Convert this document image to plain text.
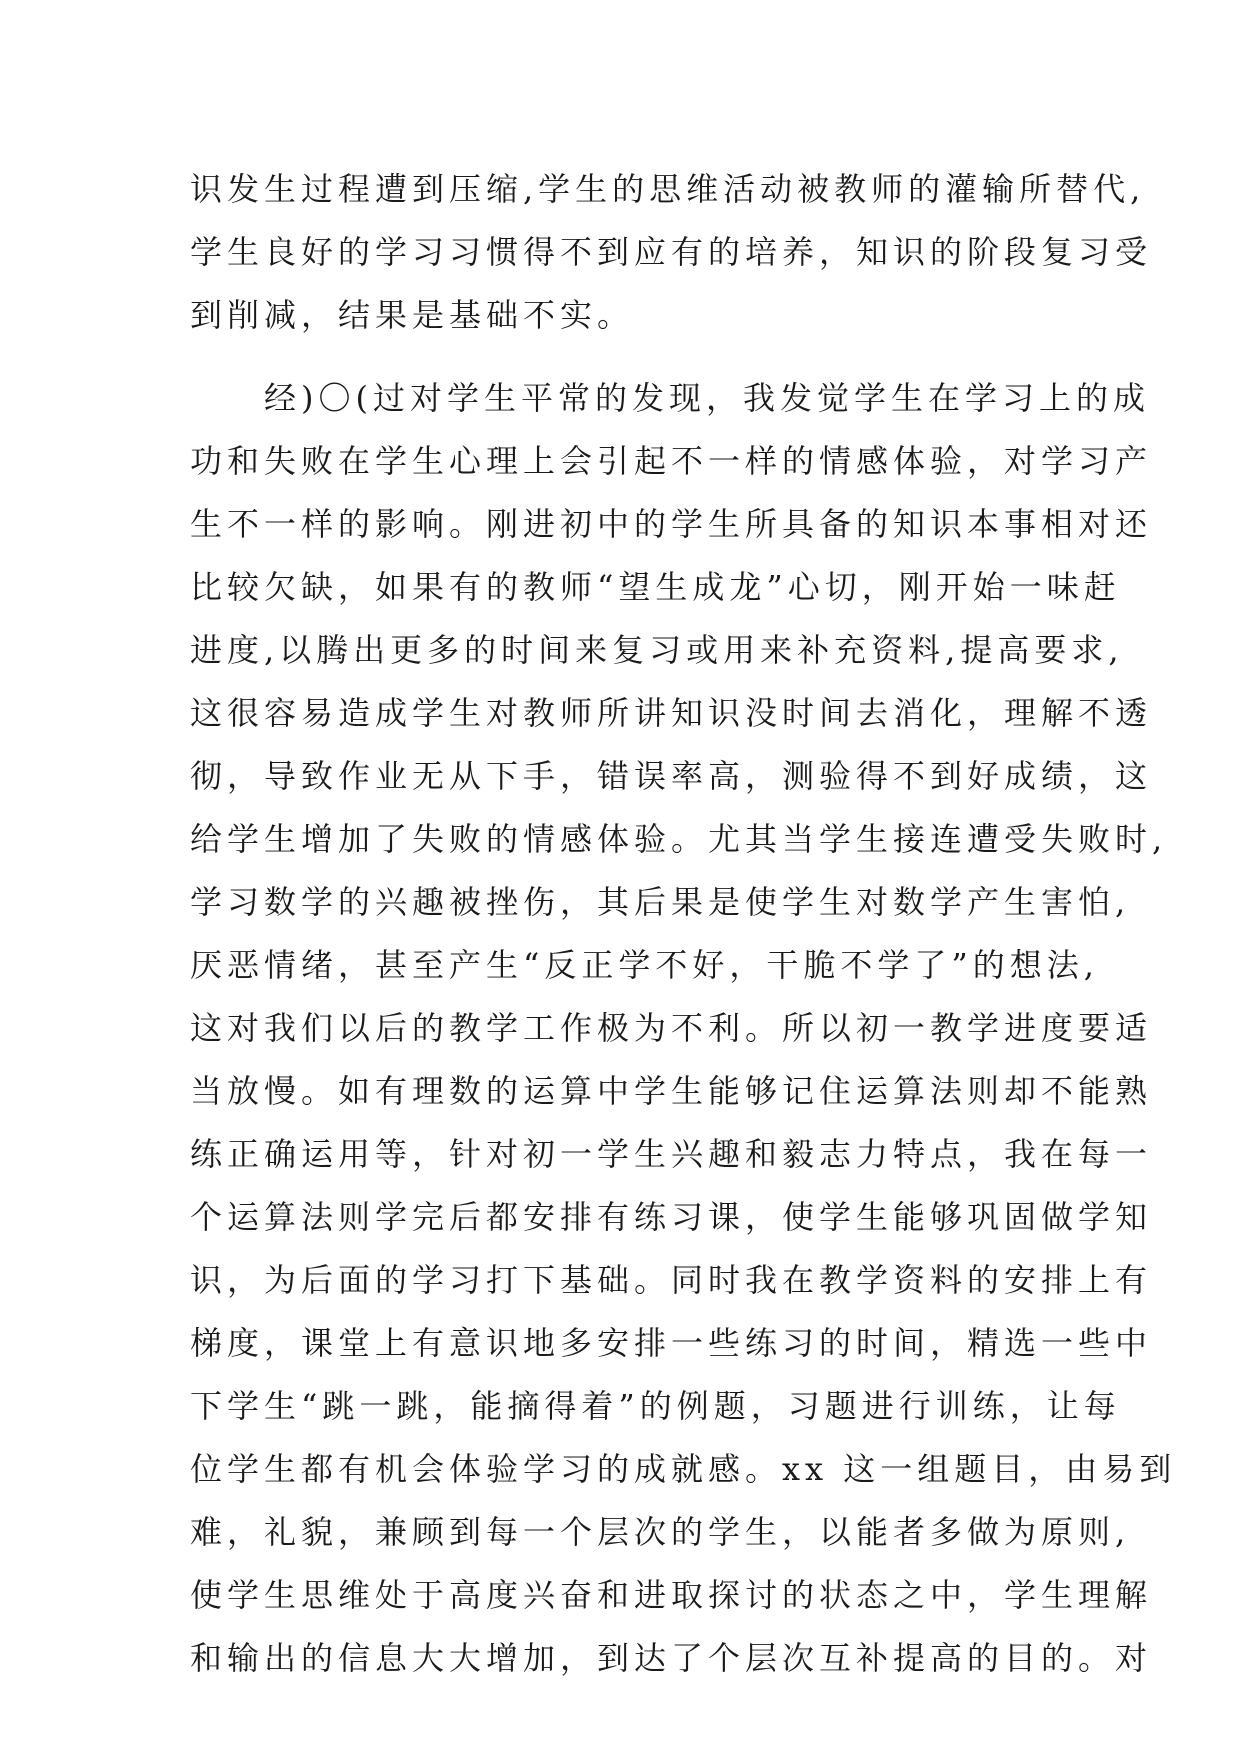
识发生过程遭到压缩,学生的思维活动被教师的灌输所替代,
学生良好的学习习惯得不到应有的培养，知识的阶段复习受
到削减，结果是基础不实。
　　经)〇(过对学生平常的发现，我发觉学生在学习上的成
功和失败在学生心理上会引起不一样的情感体验，对学习产
生不一样的影响。刚进初中的学生所具备的知识本事相对还
比较欠缺，如果有的教师“望生成龙”心切，刚开始一味赶
进度,以腾出更多的时间来复习或用来补充资料,提高要求,
这很容易造成学生对教师所讲知识没时间去消化，理解不透
彻，导致作业无从下手，错误率高，测验得不到好成绩，这
给学生增加了失败的情感体验。尤其当学生接连遭受失败时,
学习数学的兴趣被挫伤，其后果是使学生对数学产生害怕,
厌恶情绪，甚至产生“反正学不好，干脆不学了”的想法,
这对我们以后的教学工作极为不利。所以初一教学进度要适
当放慢。如有理数的运算中学生能够记住运算法则却不能熟
练正确运用等，针对初一学生兴趣和毅志力特点，我在每一
个运算法则学完后都安排有练习课，使学生能够巩固做学知
识，为后面的学习打下基础。同时我在教学资料的安排上有
梯度，课堂上有意识地多安排一些练习的时间，精选一些中
下学生“跳一跳，能摘得着”的例题，习题进行训练，让每
位学生都有机会体验学习的成就感。xx 这一组题目，由易到
难，礼貌，兼顾到每一个层次的学生，以能者多做为原则,
使学生思维处于高度兴奋和进取探讨的状态之中，学生理解
和输出的信息大大增加，到达了个层次互补提高的目的。对
